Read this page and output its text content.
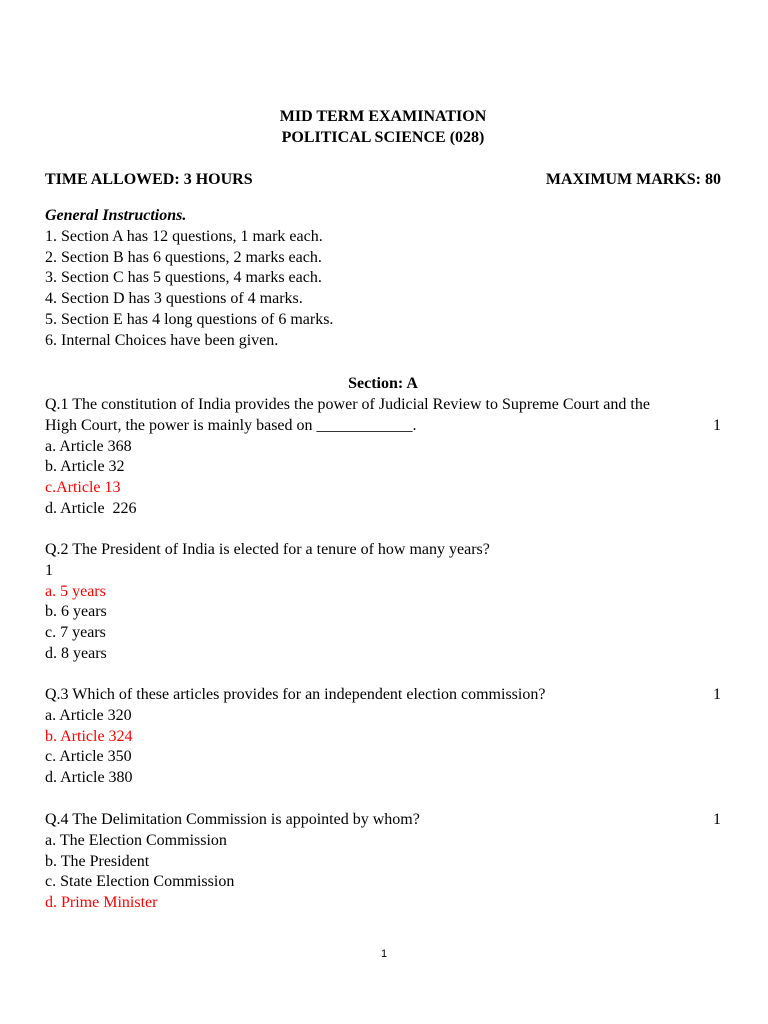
MID TERM EXAMINATION
POLITICAL SCIENCE (028)
TIME ALLOWED: 3 HOURS	MAXIMUM MARKS: 80
General Instructions.
1. Section A has 12 questions, 1 mark each.
2. Section B has 6 questions, 2 marks each.
3. Section C has 5 questions, 4 marks each.
4. Section D has 3 questions of 4 marks.
5. Section E has 4 long questions of 6 marks.
6. Internal Choices have been given.
Section: A
Q.1 The constitution of India provides the power of Judicial Review to Supreme Court and the
High Court, the power is mainly based on ____________.	1
a. Article 368
b. Article 32
c.Article 13
d. Article  226
Q.2 The President of India is elected for a tenure of how many years?
1
a. 5 years
b. 6 years
c. 7 years
d. 8 years
Q.3 Which of these articles provides for an independent election commission?	1
a. Article 320
b. Article 324
c. Article 350
d. Article 380
Q.4 The Delimitation Commission is appointed by whom?	1
a. The Election Commission
b. The President
c. State Election Commission
d. Prime Minister
1
